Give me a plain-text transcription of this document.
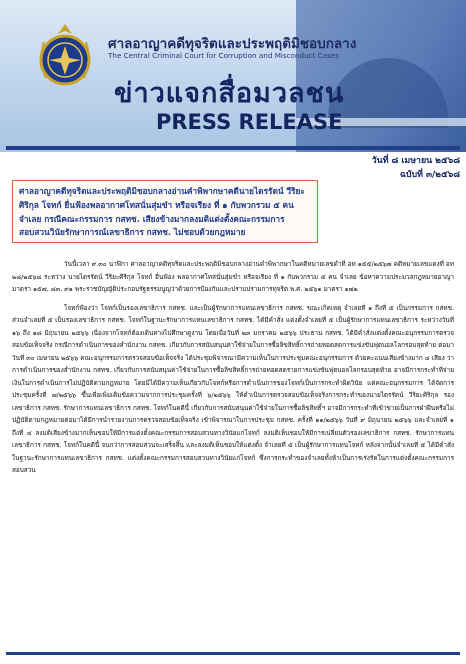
ศาลอาญาคดีทุจริตและประพฤติมิชอบกลาง
The Central Criminal Court for Corruption and Misconduct Cases
ข่าวแจกสื่อมวลชน
PRESS RELEASE
วันที่ ๘ เมษายน ๒๕๖๘
ฉบับที่ ๓/๒๕๖๘
ศาลอาญาคดีทุจริตและประพฤติมิชอบกลางอ่านคำพิพากษาคดีนายไตรรัตน์ วีริยะศิริกุล โจทก์ ยื่นฟ้องพลอากาศโทสนั่นสุ่มขำ หรือจเรียง ที่ ๑ กับพวกรวม ๕ คน จำเลย กรณีคณะกรรมการ กสทช. เสียงข้างมากลงมติแต่งตั้งคณะกรรมการสอบสวนวินัยรักษาการณ์เลขาธิการ กสทช. ไม่ชอบด้วยกฎหมาย

วันนี้เวลา ๙.๓๐ นาฬิกา ศาลอาญาคดีทุจริตและประพฤติมิชอบกลางอ่านคำพิพากษาในคดีหมายเลขดำที่ อท ๑๕๕/๒๕๖๗ คดีหมายเลขแดงที่ อท ๒๘/๒๕๖๘ ระหว่าง นายไตรรัตน์ วีริยะศิริกุล โจทก์ ยื่นฟ้อง พลอากาศโทสนั่นสุ่มขำ หรือจเรียง ที่ ๑ กับพวกรวม ๕ คน จำเลย ข้อหาความประมวลกฎหมายอาญา มาตรา ๑๕๗, ๘๓, ๙๑ พระราชบัญญัติประกอบรัฐธรรมนูญว่าด้วยการป้องกันและปราบปรามการทุจริต พ.ศ. ๒๕๖๑ มาตรา ๑๗๒

โจทก์ฟ้องว่า โจทก์เป็นรองเลขาธิการ กสทช. และเป็นผู้รักษาการแทนเลขาธิการ กสทช. ขณะเกิดเหตุ จำเลยที่ ๑ ถึงที่ ๕ เป็นกรรมการ กสทช. ส่วนจำเลยที่ ๕ เป็นรองเลขาธิการ กสทช. โจทก์ในฐานะรักษาการแทนเลขาธิการ กสทช. ได้มีคำสั่ง แต่งตั้งจำเลยที่ ๕ เป็นผู้รักษาการแทนเลขาธิการ ระหว่างวันที่ ๑๖ ถึง ๑๘ มิถุนายน ๒๕๖๖ เนื่องจากโจทก์ต้องเดินทางไปศึกษาดูงาน โดยเมื่อวันที่ ๒๓ มกราคม ๒๕๖๖ ประธาน กสทช. ได้มีคำสั่งแต่งตั้งคณะอนุกรรมการตรวจสอบข้อเท็จจริง กรณีการดำเนินการของสำนักงาน กสทช. เกี่ยวกับการสนับสนุนค่าใช้จ่ายในการซื้อลิขสิทธิ์การถ่ายทอดสดการแข่งขันฟุตบอลโลกรอบสุดท้าย ต่อมาวันที่ ๓๐ เมษายน ๒๕๖๖ คณะอนุกรรมการตรวจสอบข้อเท็จจริง ได้ประชุมพิจารณามีความเห็นในการประชุมคณะอนุกรรมการ ด้วยคะแนนเสียงข้างมาก ๔ เสียง ว่า การดำเนินการของสำนักงาน กสทช. เกี่ยวกับการสนับสนุนค่าใช้จ่ายในการซื้อลิขสิทธิ์การถ่ายทอดสดรายการแข่งขันฟุตบอลโลกรอบสุดท้าย อาจมีการกระทำที่จ่ายเงินในการดำเนินการไม่ปฏิบัติตามกฎหมาย โดยมิได้มีความเห็นเกี่ยวกับโจทก์หรือการดำเนินการของโจทก์เป็นการกระทำผิดวินัย แต่คณะอนุกรรมการ ได้จัดการประชุมครั้งที่ ๗/๒๕๖๖ ขึ้นเพื่อเพิ่มเติมข้อความจากการประชุมครั้งที่ ๖/๒๕๖๖ ให้ดำเนินการตรวจสอบข้อเท็จจริงการกระทำของนายไตรรัตน์ วีริยะศิริกุล รองเลขาธิการ กสทช. รักษาการแทนเลขาธิการ กสทช. โจทก์ในคดีนี้ เกี่ยวกับการสนับสนุนค่าใช้จ่ายในการซื้อลิขสิทธิ์ฯ อาจมีการกระทำที่เข้าข่ายเป็นการฝ่าฝืนหรือไม่ปฏิบัติตามกฎหมายต่อมาได้มีการนำรายงานการตรวจสอบข้อเท็จจริง เข้าพิจารณาในการประชุม กสทช. ครั้งที่ ๑๑/๒๕๖๖ วันที่ ๙ มิถุนายน ๒๕๖๖ และจำเลยที่ ๑ ถึงที่ ๔ ลงมติเสียงข้างมากเห็นชอบให้มีการแต่งตั้งคณะกรรมการสอบสวนทางวินัยแก่โจทก์ ลงมติเห็นชอบให้มีการเปลี่ยนตัวรองเลขาธิการ กสทช. รักษาการแทนเลขาธิการ กสทช. โจทก์ในคดีนี้ จนกว่าการสอบสวนจะเสร็จสิ้น และลงมติเห็นชอบให้แต่งตั้ง จำเลยที่ ๕ เป็นผู้รักษาการแทนโจทก์ หลังจากนั้นจำเลยที่ ๕ ได้มีคำสั่งในฐานะรักษาการแทนเลขาธิการ กสทช. แต่งตั้งคณะกรรมการสอบสวนทางวินัยแก่โจทก์ ซึ่งการกระทำของจำเลยทั้งห้าเป็นการเร่งรัดในการแต่งตั้งคณะกรรมการสอบสวน
